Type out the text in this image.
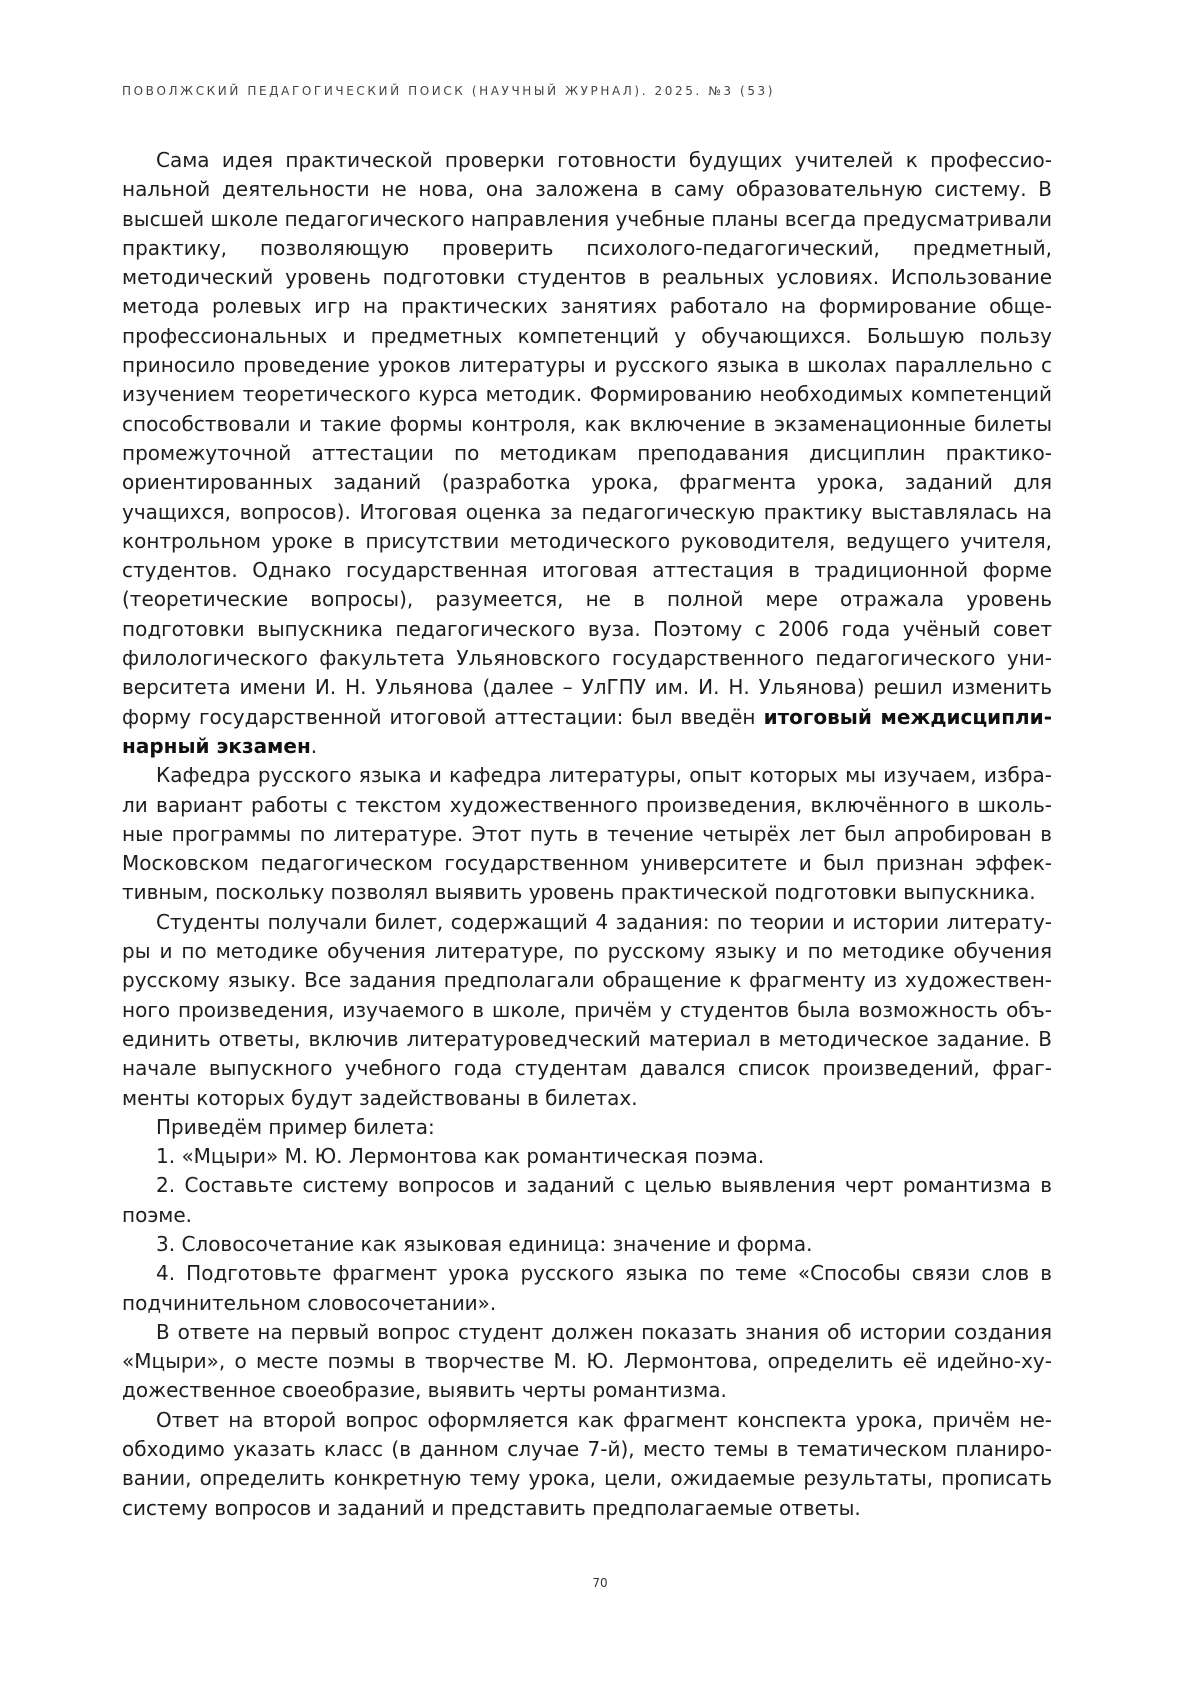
ПОВОЛЖСКИЙ ПЕДАГОГИЧЕСКИЙ ПОИСК (НАУЧНЫЙ ЖУРНАЛ). 2025. №3 (53)

Сама идея практической проверки готовности будущих учителей к профессиональной деятельности не нова, она заложена в саму образовательную систему. В высшей школе педагогического направления учебные планы всегда предусматривали практику, позволяющую проверить психолого-педагогический, предметный, методический уровень подготовки студентов в реальных условиях. Использование метода ролевых игр на практических занятиях работало на формирование общепрофессиональных и предметных компетенций у обучающихся. Большую пользу приносило проведение уроков литературы и русского языка в школах параллельно с изучением теоретического курса методик. Формированию необходимых компетенций способствовали и такие формы контроля, как включение в экзаменационные билеты промежуточной аттестации по методикам преподавания дисциплин практико-ориентированных заданий (разработка урока, фрагмента урока, заданий для учащихся, вопросов). Итоговая оценка за педагогическую практику выставлялась на контрольном уроке в присутствии методического руководителя, ведущего учителя, студентов. Однако государственная итоговая аттестация в традиционной форме (теоретические вопросы), разумеется, не в полной мере отражала уровень подготовки выпускника педагогического вуза. Поэтому с 2006 года учёный совет филологического факультета Ульяновского государственного педагогического университета имени И. Н. Ульянова (далее – УлГПУ им. И. Н. Ульянова) решил изменить форму государственной итоговой аттестации: был введён итоговый междисциплинарный экзамен.

Кафедра русского языка и кафедра литературы, опыт которых мы изучаем, избрали вариант работы с текстом художественного произведения, включённого в школьные программы по литературе. Этот путь в течение четырёх лет был апробирован в Московском педагогическом государственном университете и был признан эффективным, поскольку позволял выявить уровень практической подготовки выпускника.

Студенты получали билет, содержащий 4 задания: по теории и истории литературы и по методике обучения литературе, по русскому языку и по методике обучения русскому языку. Все задания предполагали обращение к фрагменту из художественного произведения, изучаемого в школе, причём у студентов была возможность объединить ответы, включив литературоведческий материал в методическое задание. В начале выпускного учебного года студентам давался список произведений, фрагменты которых будут задействованы в билетах.

Приведём пример билета:

1. «Мцыри» М. Ю. Лермонтова как романтическая поэма.

2. Составьте систему вопросов и заданий с целью выявления черт романтизма в поэме.

3. Словосочетание как языковая единица: значение и форма.

4. Подготовьте фрагмент урока русского языка по теме «Способы связи слов в подчинительном словосочетании».

В ответе на первый вопрос студент должен показать знания об истории создания «Мцыри», о месте поэмы в творчестве М. Ю. Лермонтова, определить её идейно-художественное своеобразие, выявить черты романтизма.

Ответ на второй вопрос оформляется как фрагмент конспекта урока, причём необходимо указать класс (в данном случае 7-й), место темы в тематическом планировании, определить конкретную тему урока, цели, ожидаемые результаты, прописать систему вопросов и заданий и представить предполагаемые ответы.

70
